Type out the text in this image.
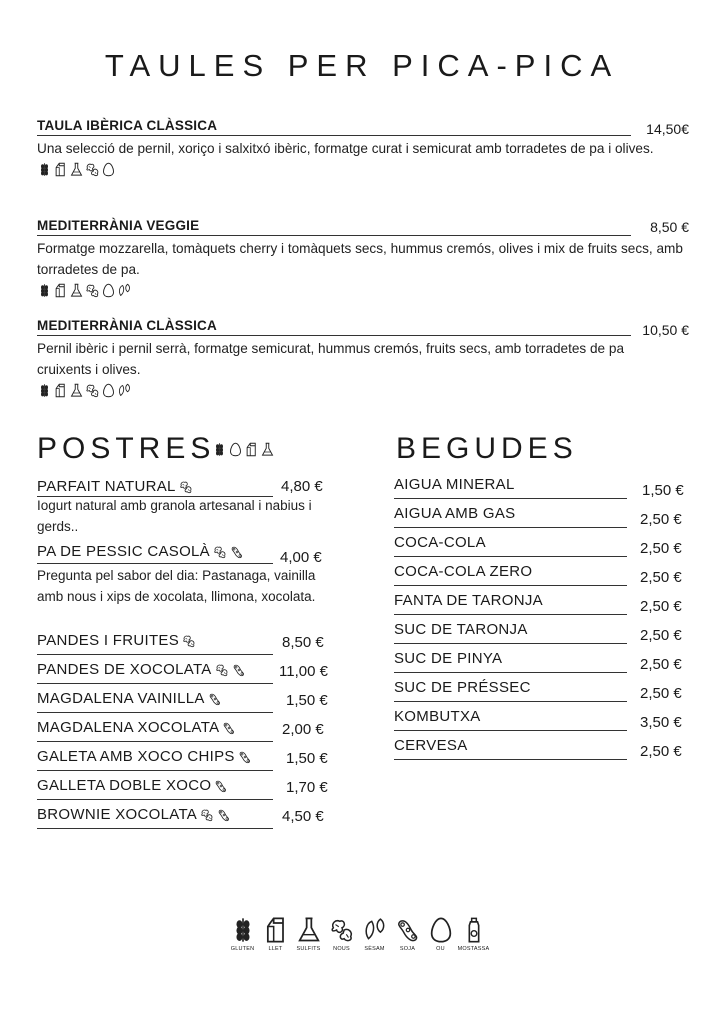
TAULES PER PICA-PICA
TAULA IBÈRICA CLÀSSICA	14,50€
Una selecció de pernil, xoriço i salxitxó ibèric, formatge curat i semicurat amb torradetes de pa i olives.
MEDITERRÀNIA VEGGIE	8,50 €
Formatge mozzarella, tomàquets cherry i tomàquets secs, hummus cremós, olives i mix de fruits secs, amb torradetes de pa.
MEDITERRÀNIA CLÀSSICA	10,50 €
Pernil ibèric i pernil serrà, formatge semicurat, hummus cremós, fruits secs, amb torradetes de pa cruixents i olives.
POSTRES
PARFAIT NATURAL	4,80 €
Iogurt natural amb granola artesanal i nabius i gerds..
PA DE PESSIC CASOLÀ	4,00 €
Pregunta pel sabor del dia: Pastanaga, vainilla amb nous i xips de xocolata, llimona, xocolata.
PANDES I FRUITES	8,50 €
PANDES DE XOCOLATA	11,00 €
MAGDALENA VAINILLA	1,50 €
MAGDALENA XOCOLATA	2,00 €
GALETA AMB XOCO CHIPS	1,50 €
GALLETA DOBLE XOCO	1,70 €
BROWNIE XOCOLATA	4,50 €
BEGUDES
AIGUA MINERAL	1,50 €
AIGUA AMB GAS	2,50 €
COCA-COLA	2,50 €
COCA-COLA ZERO	2,50 €
FANTA DE TARONJA	2,50 €
SUC DE TARONJA	2,50 €
SUC DE PINYA	2,50 €
SUC DE PRÉSSEC	2,50 €
KOMBUTXA	3,50 €
CERVESA	2,50 €
GLUTEN	LLET	SULFITS NOUS	SÈSAM	SOJA	OU MOSTASSA
